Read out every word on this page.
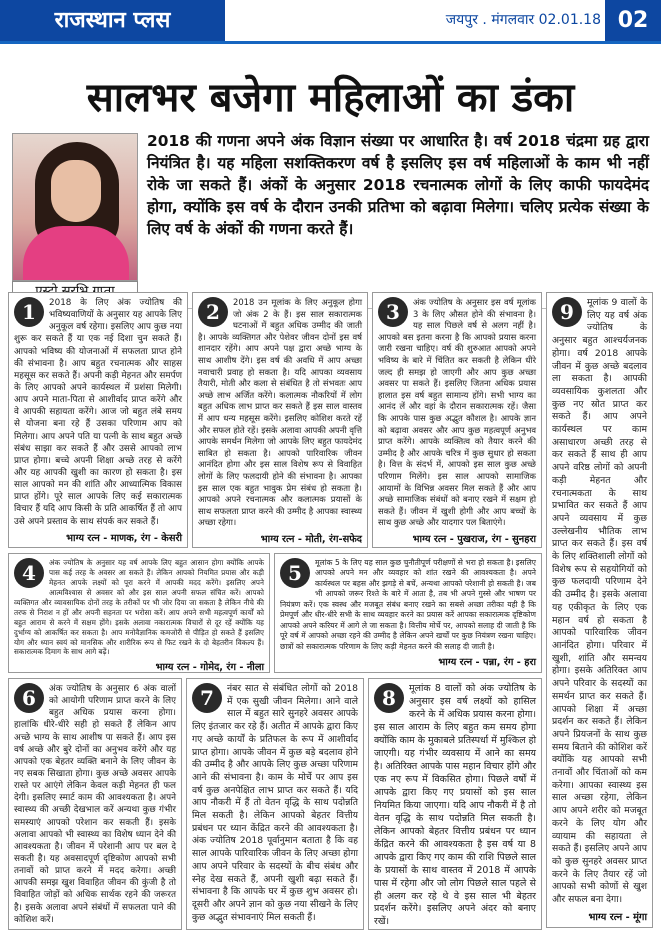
राजस्थान प्लस	जयपुर . मंगलवार 02.01.18 02
सालभर बजेगा महिलाओं का डंका

2018 की गणना अपने अंक विज्ञान संख्या पर आधारित है। वर्ष 2018 चंद्रमा ग्रह द्वारा नियंत्रित है। यह महिला सशक्तिकरण वर्ष है इसलिए इस वर्ष महिलाओं के काम भी नहीं रोके जा सकते हैं। अंकों के अनुसार 2018 रचनात्मक लोगों के लिए काफी फायदेमंद होगा, क्योंकि इस वर्ष के दौरान उनकी प्रतिभा को बढ़ावा मिलेगा। चलिए प्रत्येक संख्या के लिए वर्ष के अंकों की गणना करते हैं।

1	2018 के लिए अंक ज्योतिष की भविष्यवाणियों के अनुसार यह आपके लिए अनुकूल वर्ष रहेगा। इसलिए आप कुछ नया शुरू कर सकते हैं या एक नई दिशा चुन सकते हैं। आपको भविष्य की योजनाओं में सफलता प्राप्त होने की संभावना है। आप बहुत रचनात्मक और साहस महसूस कर सकते हैं। अपनी कड़ी मेहनत और समर्पण के लिए आपको अपने कार्यस्थल में प्रशंसा मिलेगी। आप अपने माता-पिता से आशीर्वाद प्राप्त करेंगे और वे आपकी सहायता करेंगे। आज जो बहुत लंबे समय से योजना बना रहे हैं उसका परिणाम आप को मिलेगा। आप अपने पति या पत्नी के साथ बहुत अच्छे संबंध साझा कर सकते हैं और उससे आपको लाभ प्राप्त होगा। बच्चे अपनी शिक्षा अच्छे तरह से करेंगे और यह आपकी खुशी का कारण हो सकता है। इस साल आपको मन की शांति और आध्यात्मिक विकास प्राप्त होंगे। पूरे साल आपके लिए कई सकारात्मक विचार हैं यदि आप किसी के प्रति आकर्षित हैं तो आप उसे अपने प्रस्ताव के साथ संपर्क कर सकते हैं।
भाग्य रत्न - माणक, रंग - केसरी
2	2018 उन मूलांक के लिए अनुकूल होगा जो अंक 2 के हैं। इस साल सकारात्मक घटनाओं में बहुत अधिक उम्मीद की जाती है। आपके व्यक्तिगत और पेशेवर जीवन दोनों इस वर्ष शानदार रहेंगे। आप अपने पक्ष द्वारा अच्छे भाग्य के साथ आशीष देंगे। इस वर्ष की अवधि में आप अच्छा नवाचारी प्रवाह हो सकता है। यदि आपका व्यवसाय तैयारी, मोती और कला से संबंधित है तो संभवतः आप अच्छे लाभ अर्जित करेंगे। कलात्मक नौकरियों में लोग बहुत अधिक लाभ प्राप्त कर सकते हैं इस साल वास्तव में आप धन्य महसूस करेंगे। इसलिए कोशिश करते रहें और सफल होते रहें। इसके अलावा आपकी अपनी वृत्ति आपके समर्थन मिलेगा जो आपके लिए बहुत फायदेमंद साबित हो सकता है। आपको पारिवारिक जीवन आनंदित होगा और इस साल विशेष रूप से विवाहित लोगों के लिए फलदायी होने की संभावना है। आपका इस साल एक बहुत भावुक प्रेम संबंध हो सकता है। आपको अपने रचनात्मक और कलात्मक प्रयासों के साथ सफलता प्राप्त करने की उम्मीद है आपका स्वास्थ्य अच्छा रहेगा।
भाग्य रत्न - मोती, रंग-सफेद
3	अंक ज्योतिष के अनुसार इस वर्ष मूलांक 3 के लिए औसत होने की संभावना है। यह साल पिछले वर्ष से अलग नहीं है। आपको बस इतना करना है कि आपको प्रयास करना जारी रखना चाहिए। वर्ष की शुरुआत आपको अपने भविष्य के बारे में चिंतित कर सकती है लेकिन धीरे जल्द ही समझ हो जाएगी और आप कुछ अच्छा अवसर पा सकते हैं। इसलिए जितना अधिक प्रयास हालात इस वर्ष बहुत सामान्य होंगे। सभी भाग्य का आनंद लें और वहां के दौरान सकारात्मक रहें। जैसा कि आपके पास कुछ अद्भुत कौशल है। आपके ज्ञान को बढ़ावा अवसर और आप कुछ महत्वपूर्ण अनुभव प्राप्त करेंगे। आपके व्यक्तित्व को तैयार करने की उम्मीद है और आपके चरित्र में कुछ सुधार हो सकता है। वित्त के संदर्भ में, आपको इस साल कुछ अच्छे परिणाम मिलेंगे। इस साल आपको सामाजिक आयामों के विभिन्न अवसर मिल सकते हैं और आप अच्छे सामाजिक संबंधों को बनाए रखने में सक्षम हो सकते हैं। जीवन में खुशी होगी और आप बच्चों के साथ कुछ अच्छे और यादगार पल बिताएंगे।
भाग्य रत्न - पुखराज, रंग - सुनहरा
9	मूलांक 9 वालों के लिए यह वर्ष अंक ज्योतिष के अनुसार बहुत आश्चर्यजनक होगा। वर्ष 2018 आपके जीवन में कुछ अच्छे बदलाव ला सकता है। आपकी व्यवसायिक कुशलता और कुछ नए स्रोत प्राप्त कर सकते हैं। आप अपने कार्यस्थल पर काम असाधारण अच्छी तरह से कर सकते हैं साथ ही आप अपने वरिष्ठ लोगों को अपनी कड़ी मेहनत और रचनात्मकता के साथ प्रभावित कर सकते हैं आप अपने व्यवसाय में कुछ उल्लेखनीय भौतिक लाभ प्राप्त कर सकते हैं। इस वर्ष के लिए शक्तिशाली लोगों को विशेष रूप से सहयोगियों को कुछ फलदायी परिणाम देने की उम्मीद है। इसके अलावा यह एकीकृत के लिए एक महान वर्ष हो सकता है आपको पारिवारिक जीवन आनंदित होगा। परिवार में खुशी, शांति और समन्वय होगा। इसके अतिरिक्त आप अपने परिवार के सदस्यों का समर्थन प्राप्त कर सकते हैं। आपको शिक्षा में अच्छा प्रदर्शन कर सकते हैं। लेकिन अपने प्रियजनों के साथ कुछ समय बिताने की कोशिश करें क्योंकि यह आपको सभी तनावों और चिंताओं को कम करेगा। आपका स्वास्थ्य इस साल अच्छा रहेगा, लेकिन आप अपने शरीर को मजबूत करने के लिए योग और व्यायाम की सहायता ले सकते हैं। इसलिए अपने आप को कुछ सुनहरे अवसर प्राप्त करने के लिए तैयार रहें जो आपको सभी कोणों से खुश और सफल बना देगा।
भाग्य रत्न - मूंगा
4	अंक ज्योतिष के अनुसार यह वर्ष आपके लिए बहुत आसान होगा क्योंकि आपके पास कई तरह के अवसर आ सकते हैं। लेकिन आपको नियमित प्रयास और कड़ी मेहनत आपके लक्ष्यों को पूरा करने में आपकी मदद करेंगे। इसलिए अपने आत्मविश्वास से अवसर को और इस साल अपनी सफल संचित करें। आपको व्यक्तिगत और व्यावसायिक दोनों तरह के तरीकों पर भी जोर दिया जा सकता है लेकिन नीचे की तरफ से निराश न हों और अपनी सहनता पर भरोसा करें। आप अपने सभी महत्वपूर्ण कार्यों को बहुत आराम से करने में सक्षम होंगे। इसके अलावा नकारात्मक विचारों से दूर रहें क्योंकि यह दुर्भाग्य को आकर्षित कर सकता है। आप मनोवैज्ञानिक कमजोरी से पीड़ित हो सकते हैं इसलिए योग और ध्यान स्वयं को मानसिक और शारीरिक रूप से फिट रखने के दो बेहतरीन विकल्प हैं। सकारात्मक दिमाग के साथ आगे बढ़ें।
भाग्य रत्न - गोमेद, रंग - नीला
5	मूलांक 5 के लिए यह साल कुछ चुनौतीपूर्ण परीक्षणों से भरा हो सकता है। इसलिए आपको अपने मन और व्यवहार को शांत रखने की आवश्यकता है। अपने कार्यस्थल पर बहस और झगड़े से बचें, अन्यथा आपको परेशानी हो सकती है। जब भी आपको जरूर रिश्ते के बारे में आता है, तब भी अपने गुस्से और भाषण पर नियंत्रण करें। एक स्वस्थ और मजबूत संबंध बनाए रखने का सबसे अच्छा तरीका यही है कि प्रेमपूर्ण और धीर-धीरे सभी के साथ व्यवहार करने का प्रयास करें आपका सकारात्मक दृष्टिकोण आपको अपने करियर में आगे ले जा सकता है। वित्तीय मोर्चे पर, आपको सलाह दी जाती है कि पूरे वर्ष में आपको अच्छा रहने की उम्मीद है लेकिन अपने खर्चों पर कुछ नियंत्रण रखना चाहिए। छात्रों को सकारात्मक परिणाम के लिए कड़ी मेहनत करने की सलाह दी जाती है।
भाग्य रत्न - पन्ना, रंग - हरा
6	अंक ज्योतिष के अनुसार 6 अंक वालों को आयोगी परिणाम प्राप्त करने के लिए बहुत अधिक प्रयास करना होगा। हालांकि धीरे-धीरे सही हो सकते हैं लेकिन आप अच्छे भाग्य के साथ आशीष पा सकते हैं। आप इस वर्ष अच्छे और बुरे दोनों का अनुभव करेंगे और यह आपको एक बेहतर व्यक्ति बनाने के लिए जीवन के नए सबक सिखाता होगा। कुछ अच्छे अवसर आपके रास्ते पर आएंगे लेकिन केवल कड़ी मेहनत ही फल देगी। इसलिए स्मार्ट काम की आवश्यकता है। अपने स्वास्थ्य की अच्छी देखभाल करें अन्यथा कुछ गंभीर समस्याएं आपको परेशान कर सकती हैं। इसके अलावा आपको भी स्वास्थ्य का विशेष ध्यान देने की आवश्यकता है। जीवन में परेशानी आप पर बल दे सकती है। यह अवसादपूर्ण दृष्टिकोण आपको सभी तनावों को प्राप्त करने में मदद करेगा। अच्छी आपकी समझ खुश विवाहित जीवन की कुंजी है तो विवाहित जोड़ों को अधिक सार्थक रहने की जरूरत है। इसके अलावा अपने संबंधों में सफलता पाने की कोशिश करें।
7	नंबर सात से संबंधित लोगों को 2018 में एक सुखी जीवन मिलेगा। आने वाले साल में बहुत सारे सुनहरे अवसर आपके लिए इंतजार कर रहे हैं। अतीत में आपके द्वारा किए गए अच्छे कार्यों के प्रतिफल के रूप में आशीर्वाद प्राप्त होगा। आपके जीवन में कुछ बड़े बदलाव होने की उम्मीद है और आपके लिए कुछ अच्छा परिणाम आने की संभावना है। काम के मोर्चे पर आप इस वर्ष कुछ अनपेक्षित लाभ प्राप्त कर सकते हैं। यदि आप नौकरी में हैं तो वेतन वृद्धि के साथ पदोन्नति मिल सकती है। लेकिन आपको बेहतर वित्तीय प्रबंधन पर ध्यान केंद्रित करने की आवश्यकता है। अंक ज्योतिष 2018 पूर्वानुमान बताता है कि वह साल आपके पारिवारिक जीवन के लिए अच्छा होगा आप अपने परिवार के सदस्यों के बीच संबंध और स्नेह देख सकते हैं, अपनी खुशी बढ़ा सकते हैं। संभावना है कि आपके घर में कुछ शुभ अवसर हो। दूसरी और अपने ज्ञान को कुछ नया सीखने के लिए कुछ अद्भुत संभावनाएं मिल सकती हैं।
8	मूलांक 8 वालों को अंक ज्योतिष के अनुसार इस वर्ष लक्ष्यों को हासिल करने के में अधिक प्रयास करना होगा। इस साल आराम के लिए बहुत कम समय होगा क्योंकि काम के मुकाबले प्रतिस्पर्धा में मुश्किल हो जाएगी। यह गंभीर व्यवसाय में आने का समय है। अतिरिक्त आपके पास महान विचार होंगे और एक नए रूप में विकसित होगा। पिछले वर्षों में आपके द्वारा किए गए प्रयासों को इस साल नियमित किया जाएगा। यदि आप नौकरी में है तो वेतन वृद्धि के साथ पदोन्नति मिल सकती है। लेकिन आपको बेहतर वित्तीय प्रबंधन पर ध्यान केंद्रित करने की आवश्यकता है इस वर्ष या 8 आपके द्वारा किए गए काम की राशि पिछले साल के प्रयासों के साथ वास्तव में 2018 में आपके पास में रहेगा और जो लोग पिछले साल पहले से ही अलग कर रहे थे वे इस साल भी बेहतर प्रदर्शन करेंगे। इसलिए अपने अंदर को बनाए रखें।
